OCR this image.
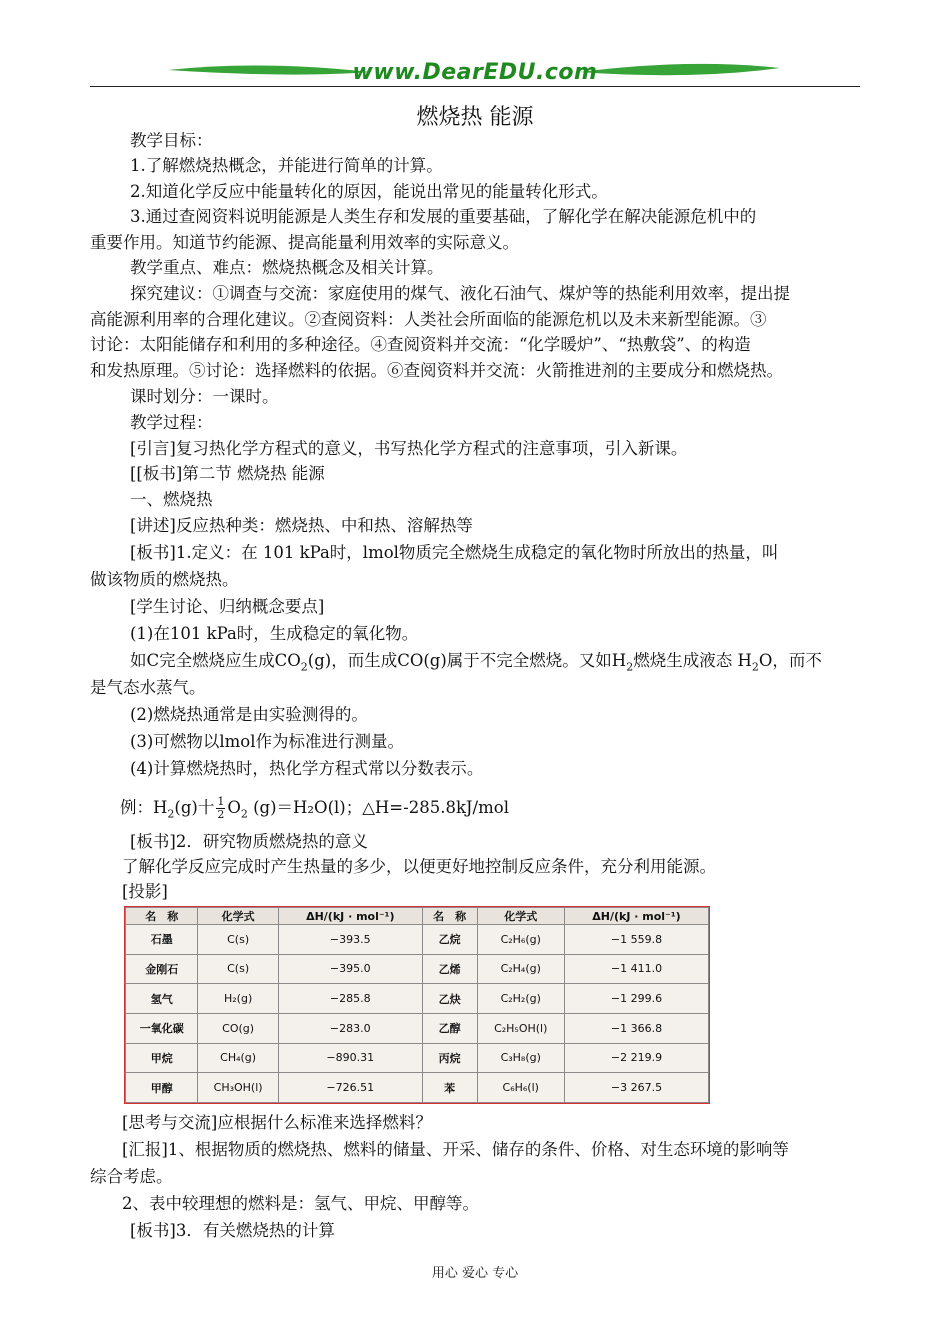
www.DearEDU.com
燃烧热 能源
教学目标：
1.了解燃烧热概念，并能进行简单的计算。
2.知道化学反应中能量转化的原因，能说出常见的能量转化形式。
3.通过查阅资料说明能源是人类生存和发展的重要基础，了解化学在解决能源危机中的
重要作用。知道节约能源、提高能量利用效率的实际意义。
教学重点、难点：燃烧热概念及相关计算。
探究建议：①调查与交流：家庭使用的煤气、液化石油气、煤炉等的热能利用效率，提出提
高能源利用率的合理化建议。②查阅资料：人类社会所面临的能源危机以及未来新型能源。③
讨论：太阳能储存和利用的多种途径。④查阅资料并交流：“化学暖炉”、“热敷袋”、的构造
和发热原理。⑤讨论：选择燃料的依据。⑥查阅资料并交流：火箭推进剂的主要成分和燃烧热。
课时划分：一课时。
教学过程：
[引言]复习热化学方程式的意义，书写热化学方程式的注意事项，引入新课。
[[板书]第二节 燃烧热 能源
一、燃烧热
[讲述]反应热种类：燃烧热、中和热、溶解热等
[板书]1.定义：在 101 kPa时，lmol物质完全燃烧生成稳定的氧化物时所放出的热量，叫
做该物质的燃烧热。
[学生讨论、归纳概念要点]
(1)在101 kPa时，生成稳定的氧化物。
如C完全燃烧应生成$CO_2(g)$，而生成CO(g)属于不完全燃烧。又如$H_2$燃烧生成液态 $H_2O$，而不
是气态水蒸气。
(2)燃烧热通常是由实验测得的。
(3)可燃物以lmol作为标准进行测量。
(4)计算燃烧热时，热化学方程式常以分数表示。
例：$H_2(g)$十 $\frac{1}{2} O_2$ (g)＝H₂O(l)；△H=-285.8kJ/mol
[板书]2．研究物质燃烧热的意义
了解化学反应完成时产生热量的多少，以便更好地控制反应条件，充分利用能源。
[投影]
名　称	化学式	ΔH/(kJ · mol⁻¹)	名　称	化学式	ΔH/(kJ · mol⁻¹)
石墨	C(s)	−393.5	乙烷	C₂H₆(g)	−1 559.8
金刚石	C(s)	−395.0	乙烯	C₂H₄(g)	−1 411.0
氢气	H₂(g)	−285.8	乙炔	C₂H₂(g)	−1 299.6
一氧化碳	CO(g)	−283.0	乙醇	C₂H₅OH(l)	−1 366.8
甲烷	CH₄(g)	−890.31	丙烷	C₃H₈(g)	−2 219.9
甲醇	CH₃OH(l)	−726.51	苯	C₆H₆(l)	−3 267.5
[思考与交流]应根据什么标准来选择燃料？
[汇报]1、根据物质的燃烧热、燃料的储量、开采、储存的条件、价格、对生态环境的影响等
综合考虑。
2、表中较理想的燃料是：氢气、甲烷、甲醇等。
[板书]3．有关燃烧热的计算
用心 爱心 专心
